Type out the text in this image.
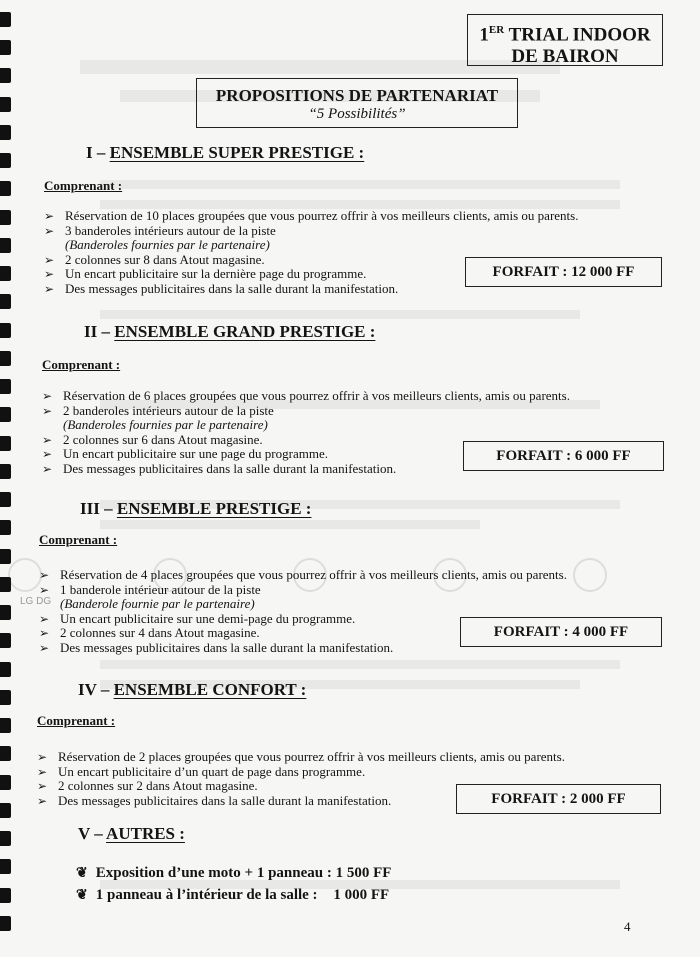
LG DG
1ER TRIAL INDOOR
DE BAIRON
PROPOSITIONS DE PARTENARIAT
“5 Possibilités”
I – ENSEMBLE SUPER PRESTIGE :
Comprenant :
➢ Réservation de 10 places groupées que vous pourrez offrir à vos meilleurs clients, amis ou parents.
➢ 3 banderoles intérieurs autour de la piste
(Banderoles fournies par le partenaire)
➢ 2 colonnes sur 8 dans Atout magasine.
➢ Un encart publicitaire sur la dernière page du programme.
➢ Des messages publicitaires dans la salle durant la manifestation.
FORFAIT : 12 000 FF
II – ENSEMBLE GRAND PRESTIGE :
Comprenant :
➢ Réservation de 6 places groupées que vous pourrez offrir à vos meilleurs clients, amis ou parents.
➢ 2 banderoles intérieurs autour de la piste
(Banderoles fournies par le partenaire)
➢ 2 colonnes sur 6 dans Atout magasine.
➢ Un encart publicitaire sur une page du programme.
➢ Des messages publicitaires dans la salle durant la manifestation.
FORFAIT : 6 000 FF
III – ENSEMBLE PRESTIGE :
Comprenant :
➢ Réservation de 4 places groupées que vous pourrez offrir à vos meilleurs clients, amis ou parents.
➢ 1 banderole intérieur autour de la piste
(Banderole fournie par le partenaire)
➢ Un encart publicitaire sur une demi-page du programme.
➢ 2 colonnes sur 4 dans Atout magasine.
➢ Des messages publicitaires dans la salle durant la manifestation.
FORFAIT : 4 000 FF
IV – ENSEMBLE CONFORT :
Comprenant :
➢ Réservation de 2 places groupées que vous pourrez offrir à vos meilleurs clients, amis ou parents.
➢ Un encart publicitaire d’un quart de page dans programme.
➢ 2 colonnes sur 2 dans Atout magasine.
➢ Des messages publicitaires dans la salle durant la manifestation.	FORFAIT : 2 000 FF
V – AUTRES :
❦ Exposition d’une moto + 1 panneau : 1 500 FF
❦ 1 panneau à l’intérieur de la salle : 1 000 FF
4
